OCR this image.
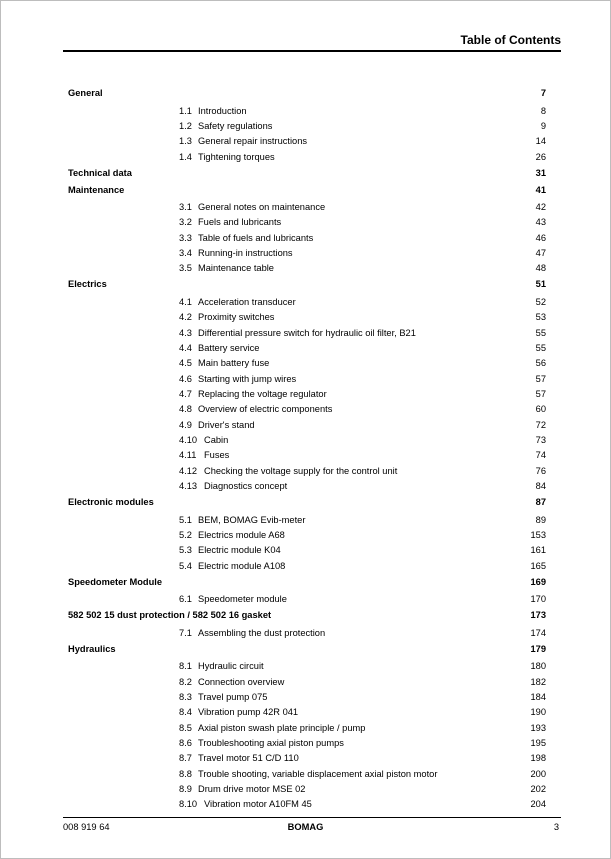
Table of Contents
General	7
1.1 Introduction	8
1.2 Safety regulations	9
1.3 General repair instructions	14
1.4 Tightening torques	26
Technical data	31
Maintenance	41
3.1 General notes on maintenance	42
3.2 Fuels and lubricants	43
3.3 Table of fuels and lubricants	46
3.4 Running-in instructions	47
3.5 Maintenance table	48
Electrics	51
4.1 Acceleration transducer	52
4.2 Proximity switches	53
4.3 Differential pressure switch for hydraulic oil filter, B21	55
4.4 Battery service	55
4.5 Main battery fuse	56
4.6 Starting with jump wires	57
4.7 Replacing the voltage regulator	57
4.8 Overview of electric components	60
4.9 Driver's stand	72
4.10 Cabin	73
4.11 Fuses	74
4.12 Checking the voltage supply for the control unit	76
4.13 Diagnostics concept	84
Electronic modules	87
5.1 BEM, BOMAG Evib-meter	89
5.2 Electrics module A68	153
5.3 Electric module K04	161
5.4 Electric module A108	165
Speedometer Module	169
6.1 Speedometer module	170
582 502 15 dust protection / 582 502 16 gasket	173
7.1 Assembling the dust protection	174
Hydraulics	179
8.1 Hydraulic circuit	180
8.2 Connection overview	182
8.3 Travel pump 075	184
8.4 Vibration pump 42R 041	190
8.5 Axial piston swash plate principle / pump	193
8.6 Troubleshooting axial piston pumps	195
8.7 Travel motor 51 C/D 110	198
8.8 Trouble shooting, variable displacement axial piston motor	200
8.9 Drum drive motor MSE 02	202
8.10 Vibration motor A10FM 45	204
008 919 64	BOMAG	3
